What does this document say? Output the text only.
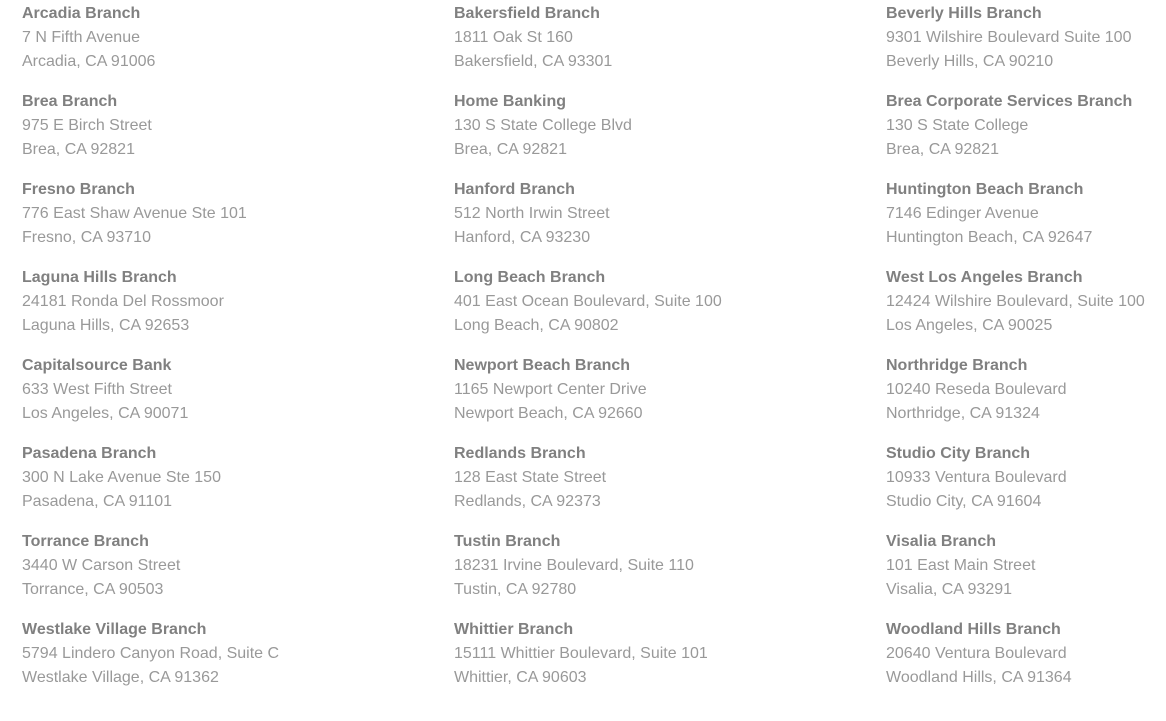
Arcadia Branch
7 N Fifth Avenue
Arcadia, CA 91006
Bakersfield Branch
1811 Oak St 160
Bakersfield, CA 93301
Beverly Hills Branch
9301 Wilshire Boulevard Suite 100
Beverly Hills, CA 90210
Brea Branch
975 E Birch Street
Brea, CA 92821
Home Banking
130 S State College Blvd
Brea, CA 92821
Brea Corporate Services Branch
130 S State College
Brea, CA 92821
Fresno Branch
776 East Shaw Avenue Ste 101
Fresno, CA 93710
Hanford Branch
512 North Irwin Street
Hanford, CA 93230
Huntington Beach Branch
7146 Edinger Avenue
Huntington Beach, CA 92647
Laguna Hills Branch
24181 Ronda Del Rossmoor
Laguna Hills, CA 92653
Long Beach Branch
401 East Ocean Boulevard, Suite 100
Long Beach, CA 90802
West Los Angeles Branch
12424 Wilshire Boulevard, Suite 100
Los Angeles, CA 90025
Capitalsource Bank
633 West Fifth Street
Los Angeles, CA 90071
Newport Beach Branch
1165 Newport Center Drive
Newport Beach, CA 92660
Northridge Branch
10240 Reseda Boulevard
Northridge, CA 91324
Pasadena Branch
300 N Lake Avenue Ste 150
Pasadena, CA 91101
Redlands Branch
128 East State Street
Redlands, CA 92373
Studio City Branch
10933 Ventura Boulevard
Studio City, CA 91604
Torrance Branch
3440 W Carson Street
Torrance, CA 90503
Tustin Branch
18231 Irvine Boulevard, Suite 110
Tustin, CA 92780
Visalia Branch
101 East Main Street
Visalia, CA 93291
Westlake Village Branch
5794 Lindero Canyon Road, Suite C
Westlake Village, CA 91362
Whittier Branch
15111 Whittier Boulevard, Suite 101
Whittier, CA 90603
Woodland Hills Branch
20640 Ventura Boulevard
Woodland Hills, CA 91364
